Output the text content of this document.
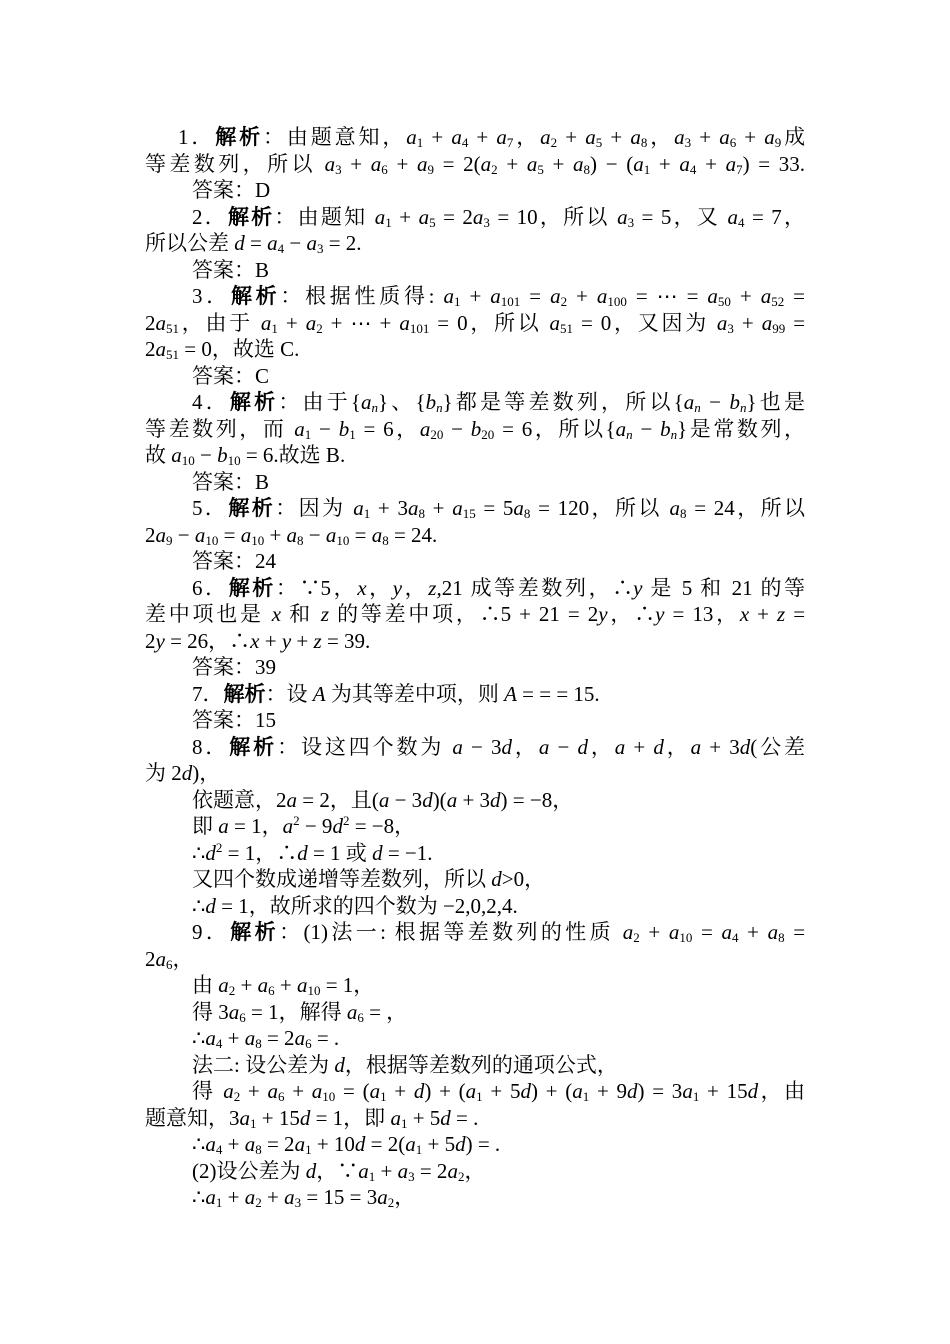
1．解析：由题意知，$a_1 + a_4 + a_7$，$a_2 + a_5 + a_8$，$a_3 + a_6 + a_9$成
等差数列，所以 $a_3 + a_6 + a_9 = 2(a_2 + a_5 + a_8) - (a_1 + a_4 + a_7) = 33$.
答案：D
2．解析：由题知 $a_1 + a_5 = 2a_3 = 10$，所以 $a_3 = 5$，又 $a_4 = 7$，
所以公差 $d = a_4 - a_3 = 2$.
答案：B
3．解析：根据性质得: $a_1 + a_{101} = a_2 + a_{100}$ = ⋯ = $a_{50} + a_{52}$ =
$2a_{51}$，由于 $a_1 + a_2$ + ⋯ + $a_{101} = 0$，所以 $a_{51} = 0$，又因为 $a_3 + a_{99}$ =
$2a_{51} = 0$，故选 C.
答案：C
4．解析：由于$\{a_n\}$、$\{b_n\}$都是等差数列，所以$\{a_n - b_n\}$也是
等差数列，而 $a_1 - b_1 = 6$，$a_{20} - b_{20} = 6$，所以$\{a_n - b_n\}$是常数列，
故 $a_{10} - b_{10} = 6$.故选 B.
答案：B
5．解析：因为 $a_1 + 3a_8 + a_{15} = 5a_8 = 120$，所以 $a_8 = 24$，所以
$2a_9 - a_{10} = a_{10} + a_8 - a_{10} = a_8 = 24$.
答案：24
6．解析：∵5，x，y，z,21 成等差数列，∴y 是 5 和 21 的等
差中项也是 x 和 z 的等差中项，∴5 + 21 = 2y，∴y = 13，x + z =
2y = 26，∴x + y + z = 39.
答案：39
7．解析：设 A 为其等差中项，则 A = = = 15.
答案：15
8．解析：设这四个数为 a − 3d，a − d，a + d，a + 3d(公差
为 2d)，
依题意，2a = 2，且(a − 3d)(a + 3d) = −8，
即 a = 1，$a^2 - 9d^2 = -8$，
$\therefore d^2 = 1$，∴d = 1 或 d = −1.
又四个数成递增等差数列，所以 d>0，
∴d = 1，故所求的四个数为 −2,0,2,4.
9．解析：(1)法一: 根据等差数列的性质 $a_2 + a_{10} = a_4 + a_8$ =
$2a_6$，
由 $a_2 + a_6 + a_{10} = 1$，
得 $3a_6 = 1$，解得 $a_6$ = ，
$\therefore a_4 + a_8 = 2a_6$ = .
法二: 设公差为 d，根据等差数列的通项公式，
得 $a_2 + a_6 + a_{10} = (a_1 + d) + (a_1 + 5d) + (a_1 + 9d) = 3a_1 + 15d$，由
题意知，$3a_1 + 15d = 1$，即 $a_1 + 5d$ = .
$\therefore a_4 + a_8 = 2a_1 + 10d = 2(a_1 + 5d)$ = .
(2)设公差为 d，$\because a_1 + a_3 = 2a_2$，
$\therefore a_1 + a_2 + a_3 = 15 = 3a_2$，
